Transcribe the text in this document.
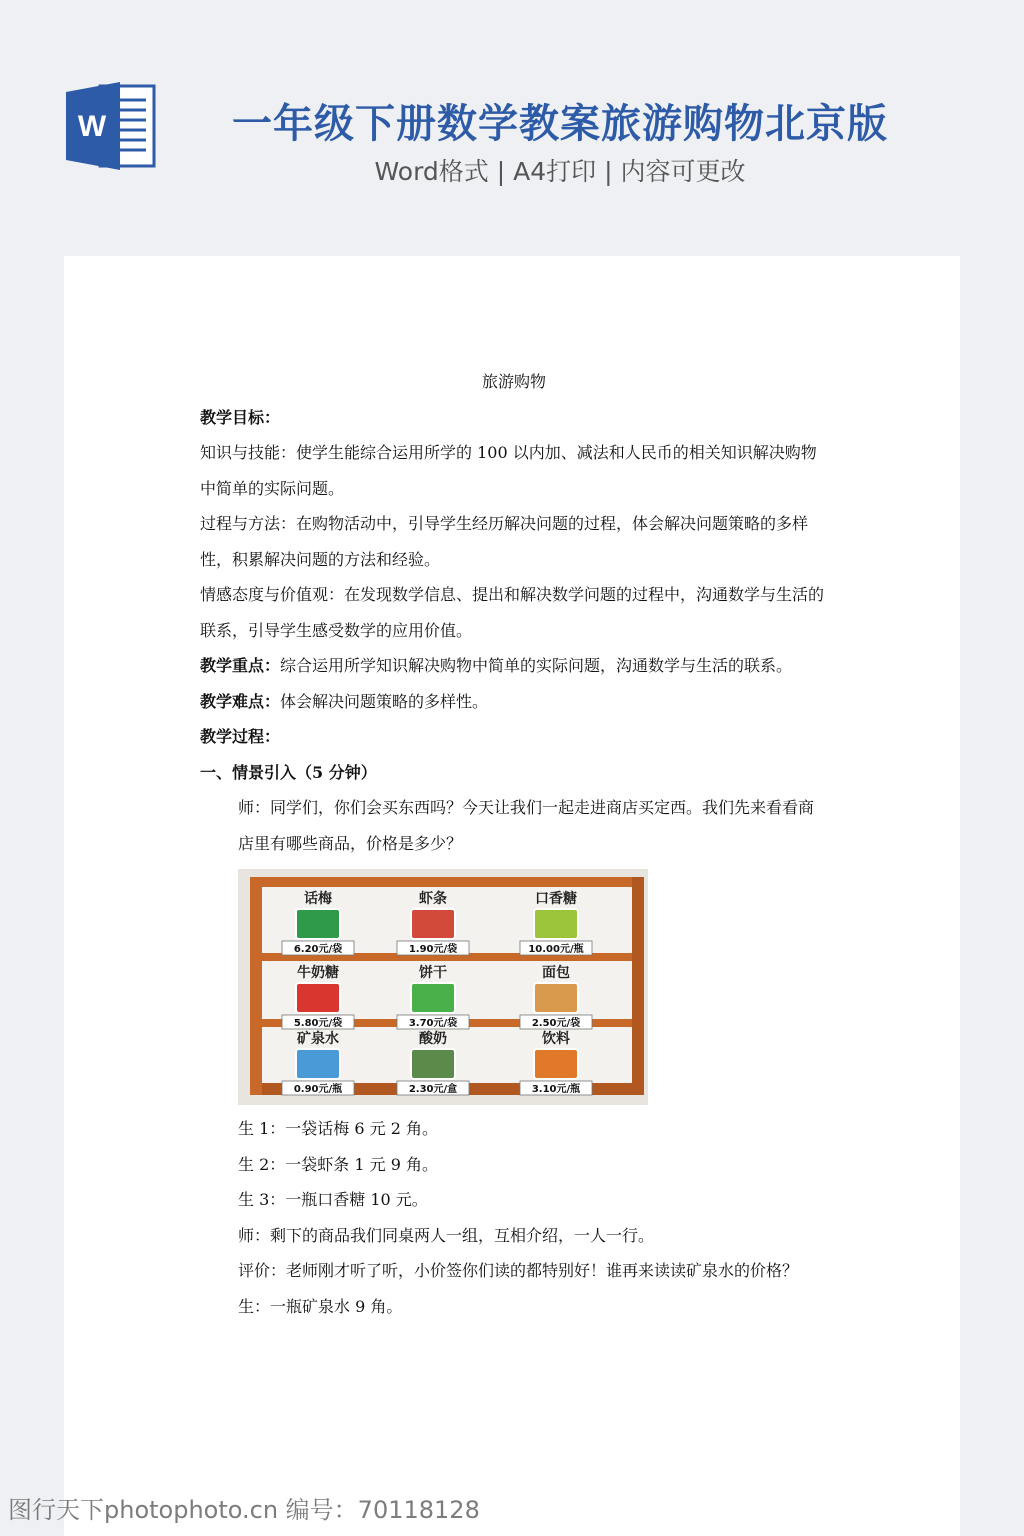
W	一年级下册数学教案旅游购物北京版

Word格式 | A4打印 | 内容可更改

旅游购物

教学目标：

知识与技能：使学生能综合运用所学的 100 以内加、减法和人民币的相关知识解决购物中简单的实际问题。

过程与方法：在购物活动中，引导学生经历解决问题的过程，体会解决问题策略的多样性，积累解决问题的方法和经验。

情感态度与价值观：在发现数学信息、提出和解决数学问题的过程中，沟通数学与生活的联系，引导学生感受数学的应用价值。

教学重点：综合运用所学知识解决购物中简单的实际问题，沟通数学与生活的联系。

教学难点：体会解决问题策略的多样性。

教学过程：

一、情景引入（5 分钟）

师：同学们，你们会买东西吗？今天让我们一起走进商店买定西。我们先来看看商店里有哪些商品，价格是多少？

话梅
6.20元/袋
虾条
1.90元/袋
口香糖
10.00元/瓶
牛奶糖
5.80元/袋
饼干
3.70元/袋
面包
2.50元/袋
矿泉水
0.90元/瓶
酸奶
2.30元/盒
饮料
3.10元/瓶

生 1：一袋话梅 6 元 2 角。

生 2：一袋虾条 1 元 9 角。

生 3：一瓶口香糖 10 元。

师：剩下的商品我们同桌两人一组，互相介绍，一人一行。

评价：老师刚才听了听，小价签你们读的都特别好！谁再来读读矿泉水的价格？

生：一瓶矿泉水 9 角。

图行天下photophoto.cn 编号：70118128
